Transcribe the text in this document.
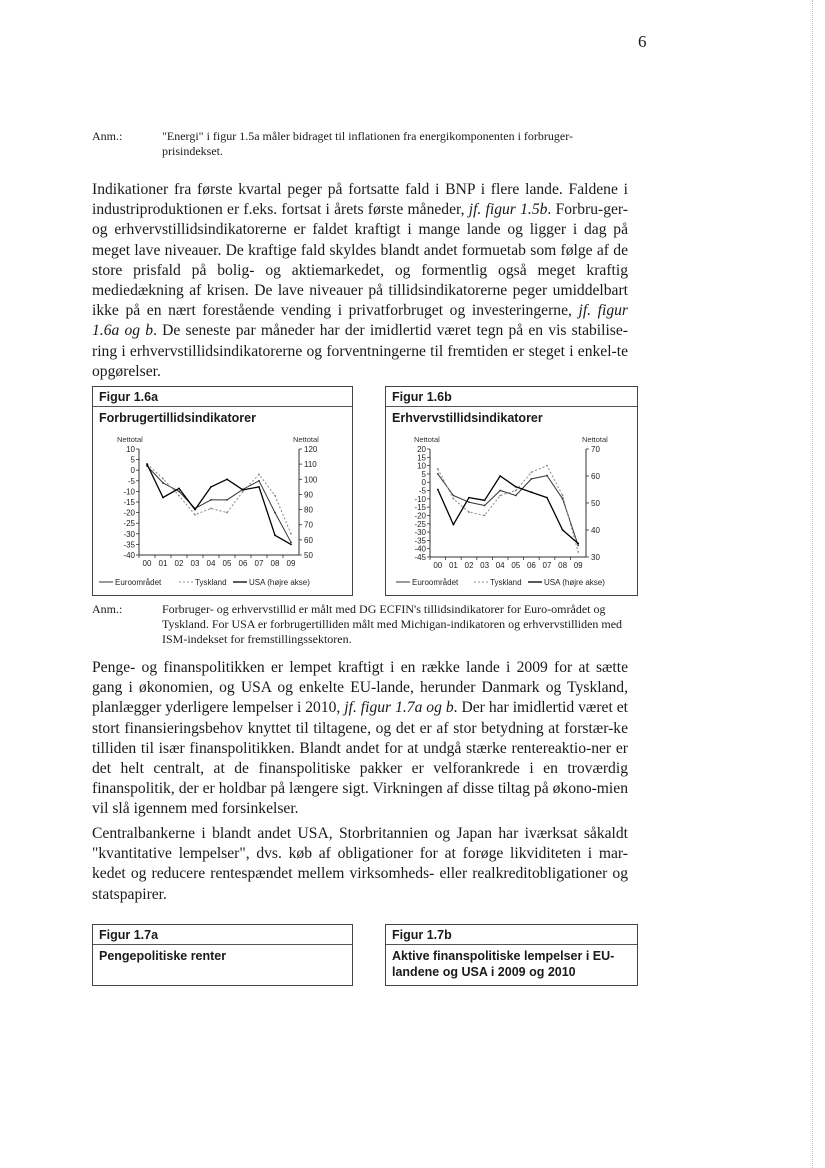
6
Anm.:	"Energi" i figur 1.5a måler bidraget til inflationen fra energikomponenten i forbruger-prisindekset.
Indikationer fra første kvartal peger på fortsatte fald i BNP i flere lande. Faldene i industriproduktionen er f.eks. fortsat i årets første måneder, jf. figur 1.5b. Forbru-ger- og erhvervstillidsindikatorerne er faldet kraftigt i mange lande og ligger i dag på meget lave niveauer. De kraftige fald skyldes blandt andet formuetab som følge af de store prisfald på bolig- og aktiemarkedet, og formentlig også meget kraftig mediedækning af krisen. De lave niveauer på tillidsindikatorerne peger umiddelbart ikke på en nært forestående vending i privatforbruget og investeringerne, jf. figur 1.6a og b. De seneste par måneder har der imidlertid været tegn på en vis stabilise-ring i erhvervstillidsindikatorerne og forventningerne til fremtiden er steget i enkel-te opgørelser.
Figur 1.6a
Forbrugertillidsindikatorer
Nettotal	Nettotal
10
5
0
-5
-10
-15
-20
-25
-30
-35
-40
120
110
100
90
80
70
60
50
00 01 02 03 04 05 06 07 08 09
Euroområdet	Tyskland	USA (højre akse)
Figur 1.6b
Erhvervstillidsindikatorer
Nettotal	Nettotal
20
15
10
5
0
-5
-10
-15
-20
-25
-30
-35
-40
-45
70
60
50
40
30
00 01 02 03 04 05 06 07 08 09
Euroområdet	Tyskland	USA (højre akse)
Anm.:	Forbruger- og erhvervstillid er målt med DG ECFIN's tillidsindikatorer for Euro-området og Tyskland. For USA er forbrugertilliden målt med Michigan-indikatoren og erhvervstilliden med ISM-indekset for fremstillingssektoren.
Penge- og finanspolitikken er lempet kraftigt i en række lande i 2009 for at sætte gang i økonomien, og USA og enkelte EU-lande, herunder Danmark og Tyskland, planlægger yderligere lempelser i 2010, jf. figur 1.7a og b. Der har imidlertid været et stort finansieringsbehov knyttet til tiltagene, og det er af stor betydning at forstær-ke tilliden til især finanspolitikken. Blandt andet for at undgå stærke rentereaktio-ner er det helt centralt, at de finanspolitiske pakker er velforankrede i en troværdig finanspolitik, der er holdbar på længere sigt. Virkningen af disse tiltag på økono-mien vil slå igennem med forsinkelser.
Centralbankerne i blandt andet USA, Storbritannien og Japan har iværksat såkaldt "kvantitative lempelser", dvs. køb af obligationer for at forøge likviditeten i mar-kedet og reducere rentespændet mellem virksomheds- eller realkreditobligationer og statspapirer.
Figur 1.7a
Pengepolitiske renter
Figur 1.7b
Aktive finanspolitiske lempelser i EU-landene og USA i 2009 og 2010
